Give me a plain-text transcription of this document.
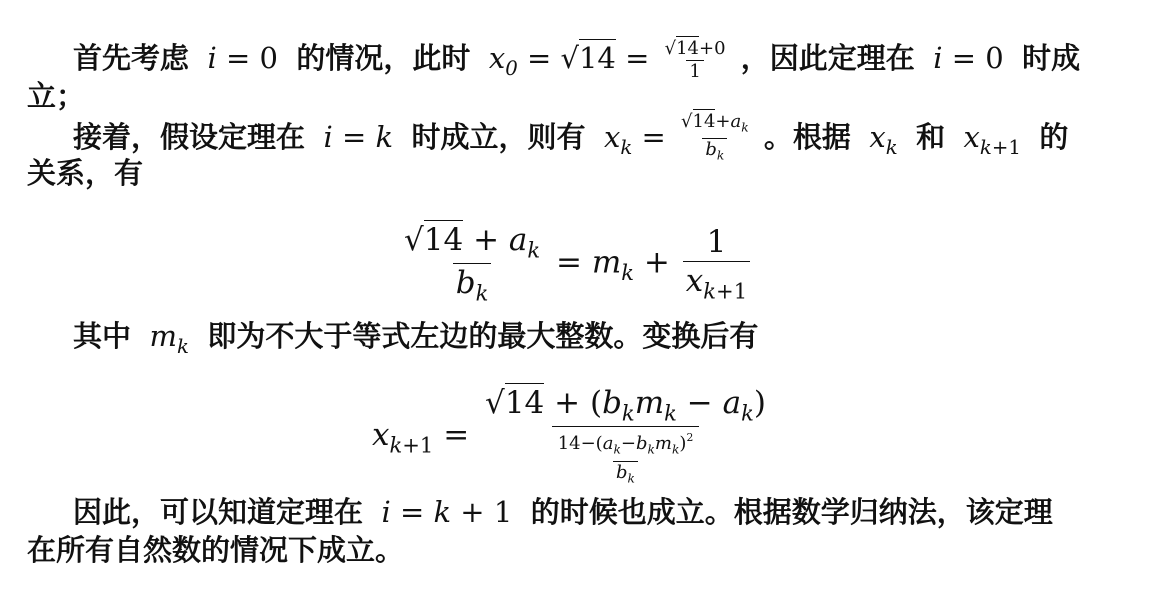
首先考虑  i = 0 的情况，此时  $x_0 = √14 = \frac{√14+0}{1}$ ，因此定理在  i = 0 时成
立；
接着，假设定理在  i = k  时成立，则有  $x_k = \frac{√14+a_k}{b_k}$ 。根据  $x_k$ 和  $x_{k+1}$ 的
关系，有
$\frac{√14 + a_k}{b_k} = m_k + \frac{1}{x_{k+1}}$
其中  $m_k$ 即为不大于等式左边的最大整数。变换后有
$x_{k+1} = \frac{√14 + (b_km_k - a_k)}{\frac{14-(a_k-b_km_k)^2}{b_k}}$
因此，可以知道定理在  i = k + 1 的时候也成立。根据数学归纳法，该定理
在所有自然数的情况下成立。
